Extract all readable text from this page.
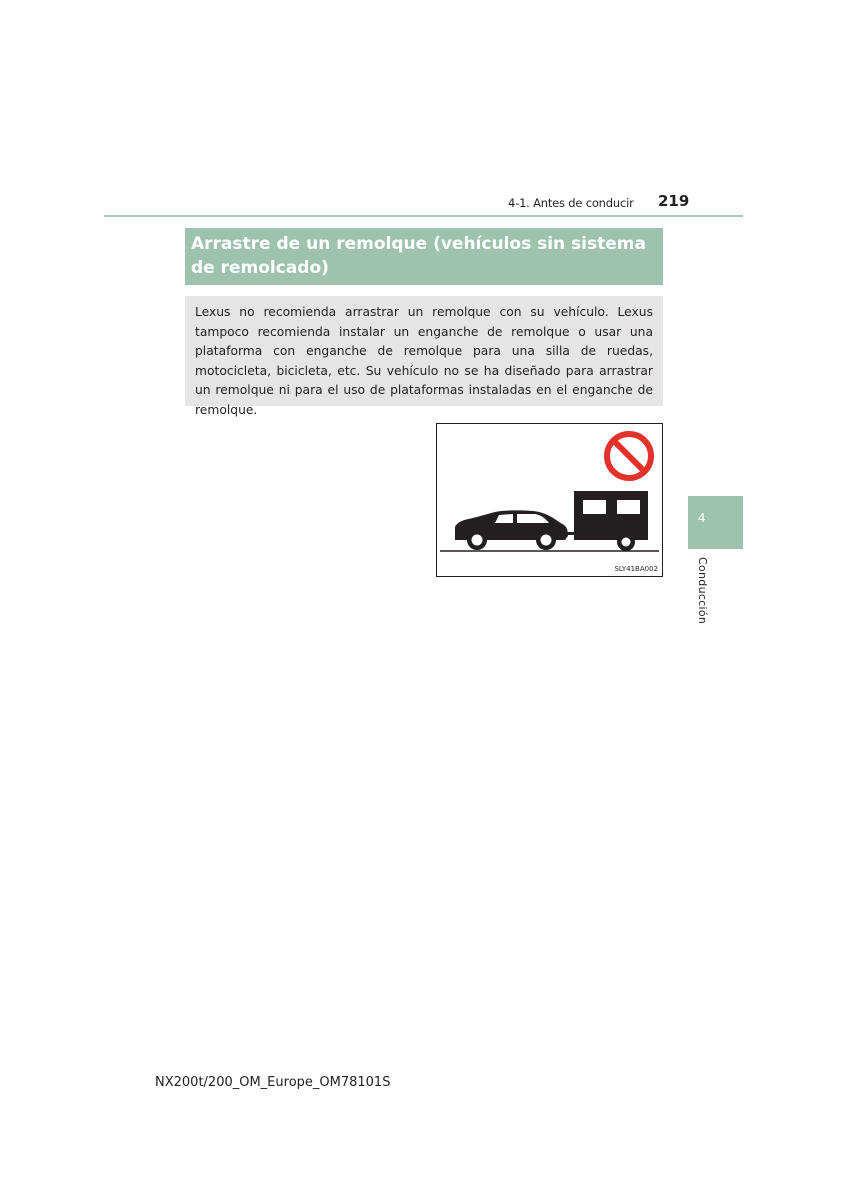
4-1. Antes de conducir 219
Arrastre de un remolque (vehículos sin sistema de remolcado)
Lexus no recomienda arrastrar un remolque con su vehículo. Lexus tampoco recomienda instalar un enganche de remolque o usar una plataforma con enganche de remolque para una silla de ruedas, motocicleta, bicicleta, etc. Su vehículo no se ha diseñado para arrastrar un remolque ni para el uso de plataformas instaladas en el enganche de remolque.
SLY41BA002
4
Conducción
NX200t/200_OM_Europe_OM78101S
